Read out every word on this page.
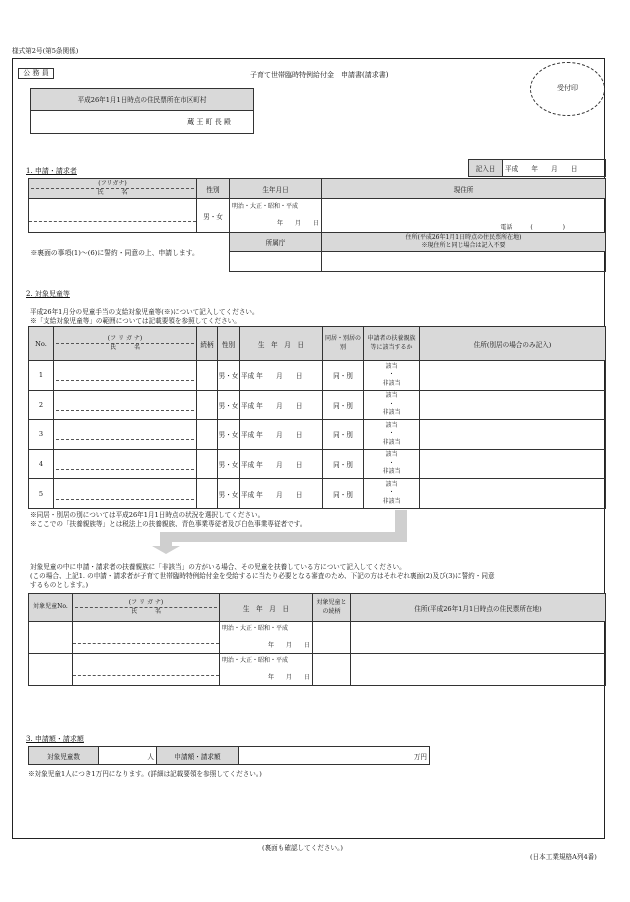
様式第2号(第5条関係)
公 務 員	子育て世帯臨時特例給付金　申請書(請求書)
受付印
平成26年1月1日時点の住民票所在市区町村
蔵 王 町 長 殿
1. 申請・請求者	記入日	平成　　年　　月　　日
(フリガナ)
氏　　　名	性別	生年月日	現住所

	男・女	明治・大正・昭和・平成
年　　月　　日	電話　　　(　　　　　)
※裏面の事項(1)～(6)に誓約・同意の上、申請します。		所属庁	住所(平成26年1月1日時点の住民票所在地)
※現住所と同じ場合は記入不要

2. 対象児童等
平成26年1月分の児童手当の支給対象児童等(※)について記入してください。
※「支給対象児童等」の範囲については記載要領を参照してください。
No.	(フ リ ガ ナ)
氏　　　名	続柄	性別	生　年　月　日	同居・別居の別	申請者の扶養親族等に該当するか	住所(別居の場合のみ記入)
1			男・女	平成 年　　月　　日	同・別	該当
・
非該当	

2			男・女	平成 年　　月　　日	同・別	該当
・
非該当	

3			男・女	平成 年　　月　　日	同・別	該当
・
非該当	

4			男・女	平成 年　　月　　日	同・別	該当
・
非該当	

5			男・女	平成 年　　月　　日	同・別	該当
・
非該当	

※同居・別居の別については平成26年1月1日時点の状況を選択してください。
※ここでの「扶養親族等」とは税法上の扶養親族、青色事業専従者及び白色事業専従者です。
対象児童の中に申請・請求者の扶養親族に「非該当」の方がいる場合、その児童を扶養している方について記入してください。
(この場合、上記1. の申請・請求者が子育て世帯臨時特例給付金を受給するに当たり必要となる審査のため、下記の方はそれぞれ裏面(2)及び(3)に誓約・同意
するものとします。)
対象児童No.	(フ リ ガ ナ)
氏　　　名	生　年　月　日	対象児童との続柄	住所(平成26年1月1日時点の住民票所在地)

		明治・大正・昭和・平成
年　　月　　日		

		明治・大正・昭和・平成
年　　月　　日		

3. 申請額・請求額
対象児童数	人	申請額・請求額	万円
※対象児童1人につき1万円になります。(詳細は記載要領を参照してください。)
(裏面も確認してください。)
(日本工業規格A列4番)
